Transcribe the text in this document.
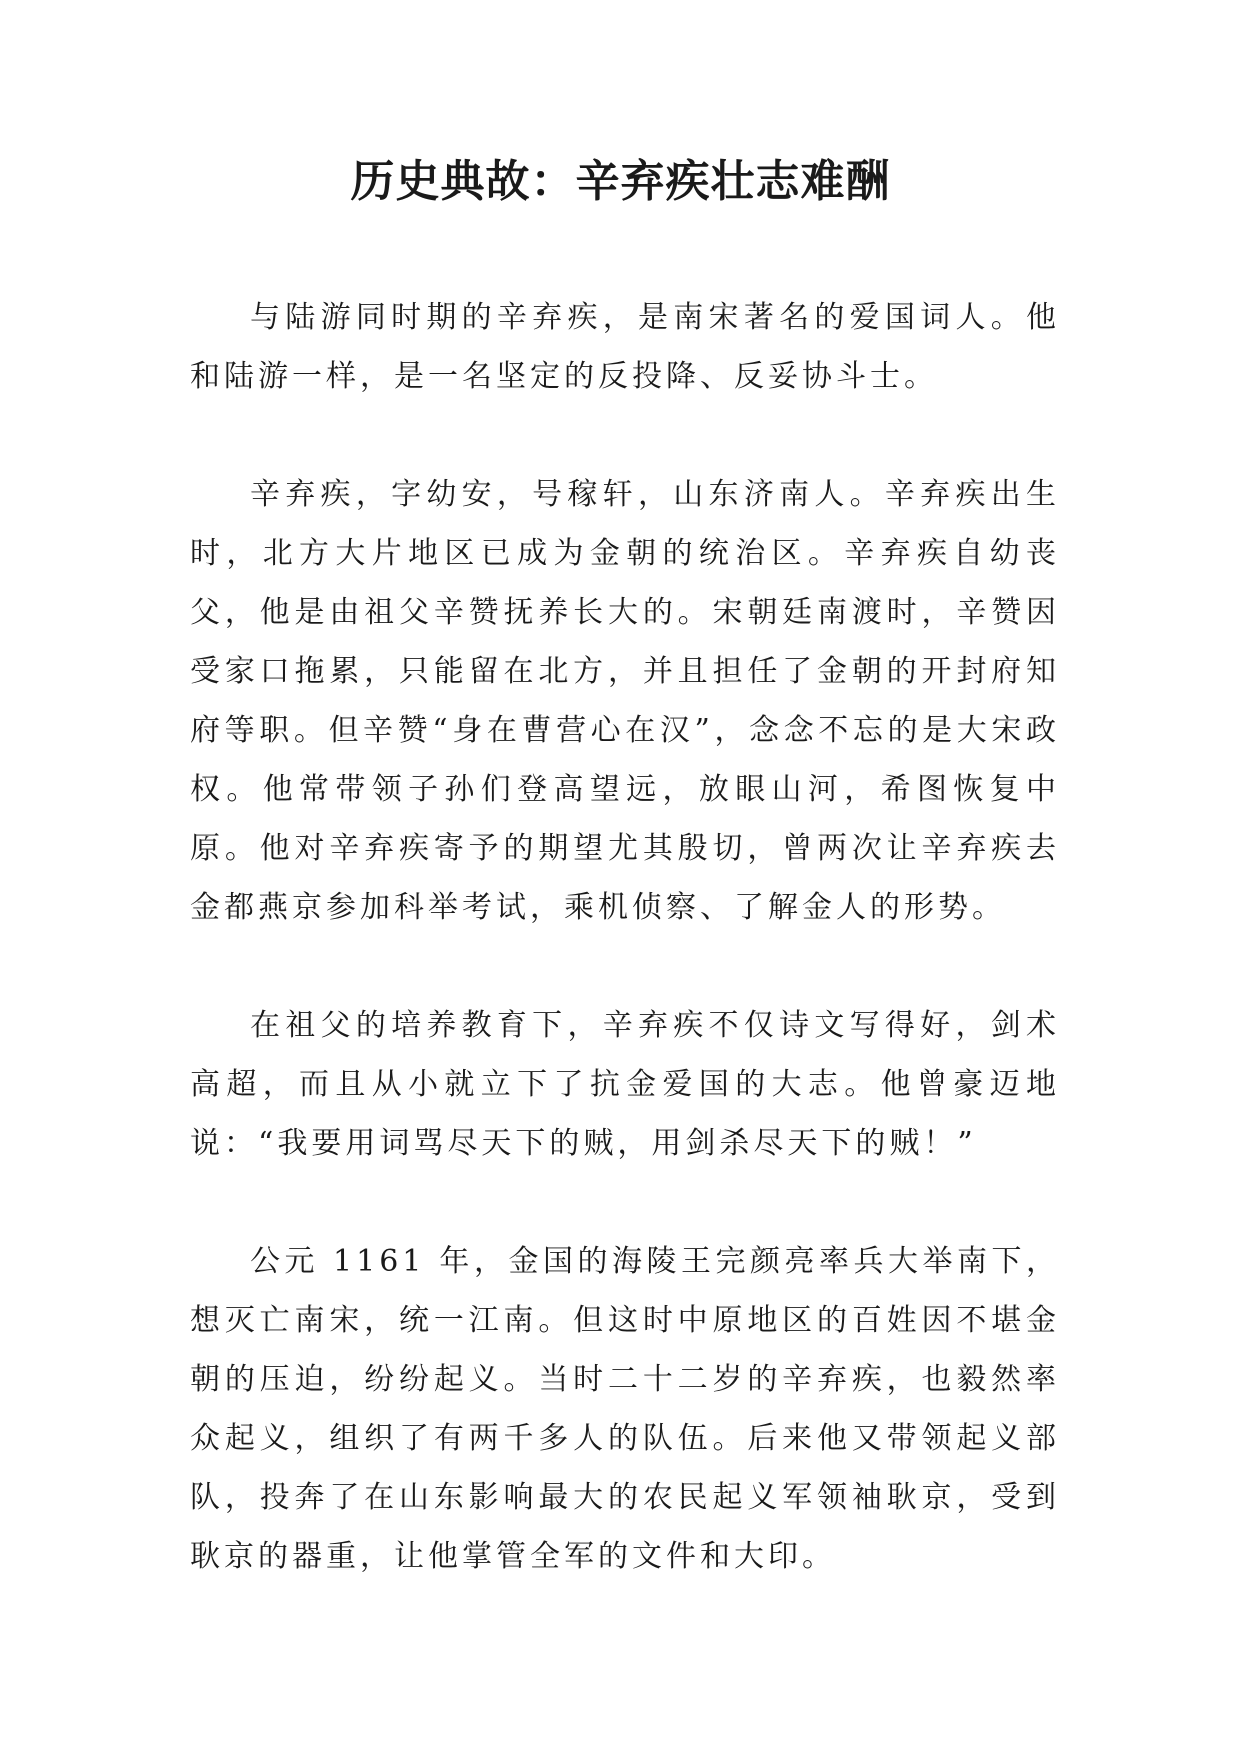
历史典故：辛弃疾壮志难酬

与陆游同时期的辛弃疾，是南宋著名的爱国词人。他和陆游一样，是一名坚定的反投降、反妥协斗士。

辛弃疾，字幼安，号稼轩，山东济南人。辛弃疾出生时，北方大片地区已成为金朝的统治区。辛弃疾自幼丧父，他是由祖父辛赞抚养长大的。宋朝廷南渡时，辛赞因受家口拖累，只能留在北方，并且担任了金朝的开封府知府等职。但辛赞“身在曹营心在汉”，念念不忘的是大宋政权。他常带领子孙们登高望远，放眼山河，希图恢复中原。他对辛弃疾寄予的期望尤其殷切，曾两次让辛弃疾去金都燕京参加科举考试，乘机侦察、了解金人的形势。

在祖父的培养教育下，辛弃疾不仅诗文写得好，剑术高超，而且从小就立下了抗金爱国的大志。他曾豪迈地说：“我要用词骂尽天下的贼，用剑杀尽天下的贼！”

公元 1161 年，金国的海陵王完颜亮率兵大举南下，想灭亡南宋，统一江南。但这时中原地区的百姓因不堪金朝的压迫，纷纷起义。当时二十二岁的辛弃疾，也毅然率众起义，组织了有两千多人的队伍。后来他又带领起义部队，投奔了在山东影响最大的农民起义军领袖耿京，受到耿京的器重，让他掌管全军的文件和大印。
